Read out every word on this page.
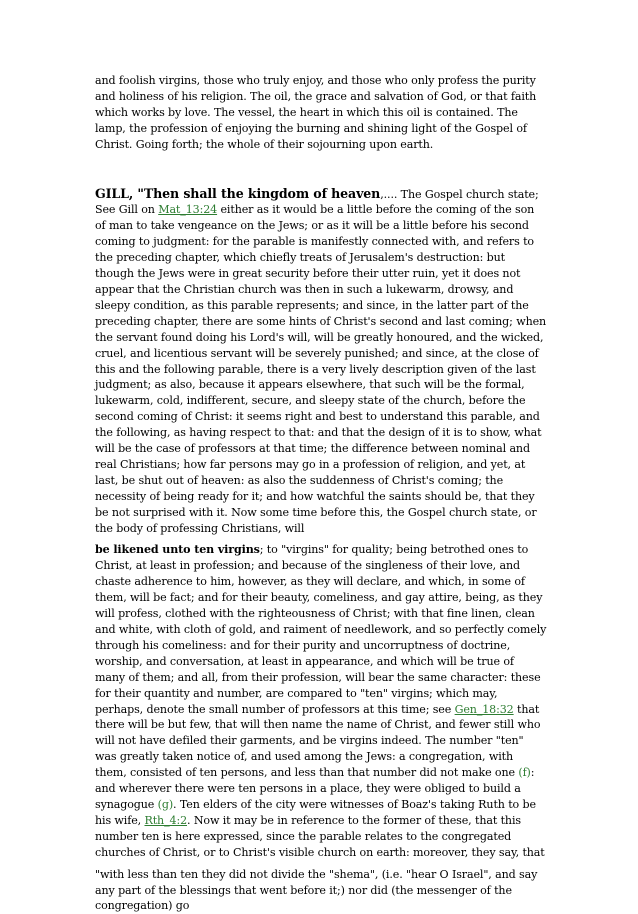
and foolish virgins, those who truly enjoy, and those who only profess the purity and holiness of his religion. The oil, the grace and salvation of God, or that faith which works by love. The vessel, the heart in which this oil is contained. The lamp, the profession of enjoying the burning and shining light of the Gospel of Christ. Going forth; the whole of their sojourning upon earth.

GILL, "Then shall the kingdom of heaven,.... The Gospel church state; See Gill on Mat_13:24 either as it would be a little before the coming of the son of man to take vengeance on the Jews; or as it will be a little before his second coming to judgment: for the parable is manifestly connected with, and refers to the preceding chapter, which chiefly treats of Jerusalem's destruction: but though the Jews were in great security before their utter ruin, yet it does not appear that the Christian church was then in such a lukewarm, drowsy, and sleepy condition, as this parable represents; and since, in the latter part of the preceding chapter, there are some hints of Christ's second and last coming; when the servant found doing his Lord's will, will be greatly honoured, and the wicked, cruel, and licentious servant will be severely punished; and since, at the close of this and the following parable, there is a very lively description given of the last judgment; as also, because it appears elsewhere, that such will be the formal, lukewarm, cold, indifferent, secure, and sleepy state of the church, before the second coming of Christ: it seems right and best to understand this parable, and the following, as having respect to that: and that the design of it is to show, what will be the case of professors at that time; the difference between nominal and real Christians; how far persons may go in a profession of religion, and yet, at last, be shut out of heaven: as also the suddenness of Christ's coming; the necessity of being ready for it; and how watchful the saints should be, that they be not surprised with it. Now some time before this, the Gospel church state, or the body of professing Christians, will

be likened unto ten virgins; to "virgins" for quality; being betrothed ones to Christ, at least in profession; and because of the singleness of their love, and chaste adherence to him, however, as they will declare, and which, in some of them, will be fact; and for their beauty, comeliness, and gay attire, being, as they will profess, clothed with the righteousness of Christ; with that fine linen, clean and white, with cloth of gold, and raiment of needlework, and so perfectly comely through his comeliness: and for their purity and uncorruptness of doctrine, worship, and conversation, at least in appearance, and which will be true of many of them; and all, from their profession, will bear the same character: these for their quantity and number, are compared to "ten" virgins; which may, perhaps, denote the small number of professors at this time; see Gen_18:32 that there will be but few, that will then name the name of Christ, and fewer still who will not have defiled their garments, and be virgins indeed. The number "ten" was greatly taken notice of, and used among the Jews: a congregation, with them, consisted of ten persons, and less than that number did not make one (f): and wherever there were ten persons in a place, they were obliged to build a synagogue (g). Ten elders of the city were witnesses of Boaz's taking Ruth to be his wife, Rth_4:2. Now it may be in reference to the former of these, that this number ten is here expressed, since the parable relates to the congregated churches of Christ, or to Christ's visible church on earth: moreover, they say, that

"with less than ten they did not divide the "shema", (i.e. "hear O Israel", and say any part of the blessings that went before it;) nor did (the messenger of the congregation) go
